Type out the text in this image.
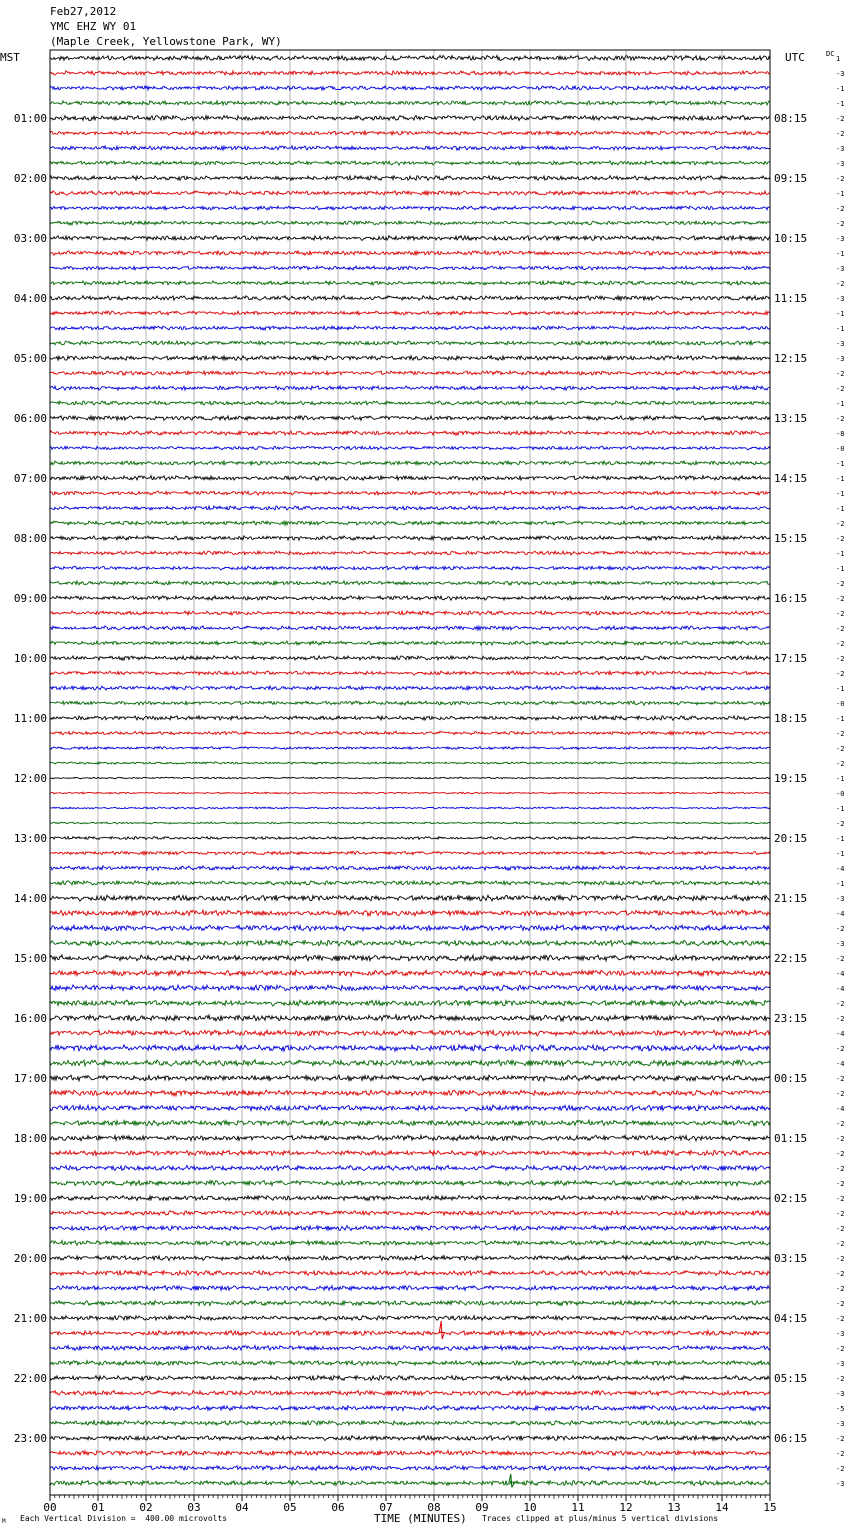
Feb27,2012
YMC EHZ WY 01
(Maple Creek, Yellowstone Park, WY)
00	01	02	03	04	05	06	07	08	09	10	11	12	13	14	15
01:00
02:00
03:00
04:00
05:00
06:00
07:00
08:00
09:00
10:00
11:00
12:00
13:00
14:00
15:00
16:00
17:00
18:00
19:00
20:00
21:00
22:00
23:00
08:15
09:15
10:15
11:15
12:15
13:15
14:15
15:15
16:15
17:15
18:15
19:15
20:15
21:15
22:15
23:15
00:15
01:15
02:15
03:15
04:15
05:15
06:15
1
-3
-1
-1
-2
-2
-3
-3
-2
-1
-2
-2
-3
-1
-3
-2
-3
-1
-1
-3
-3
-2
-2
-1
-2
-8
-0
-1
-1
-1
-1
-2
-2
-1
-1
-2
-2
-2
-2
-2
-2
-2
-1
-0
-1
-2
-2
-2
-1
-0
-1
-2
-1
-1
-4
-1
-3
-4
-2
-3
-2
-4
-4
-2
-2
-4
-2
-4
-2
-2
-4
-2
-2
-2
-2
-2
-2
-2
-2
-2
-2
-2
-2
-2
-2
-3
-2
-3
-2
-3
-5
-3
-2
-2
-2
-3
MST	UTC	DC
M Each Vertical Division =  400.00 microvolts	TIME (MINUTES) Traces clipped at plus/minus 5 vertical divisions
